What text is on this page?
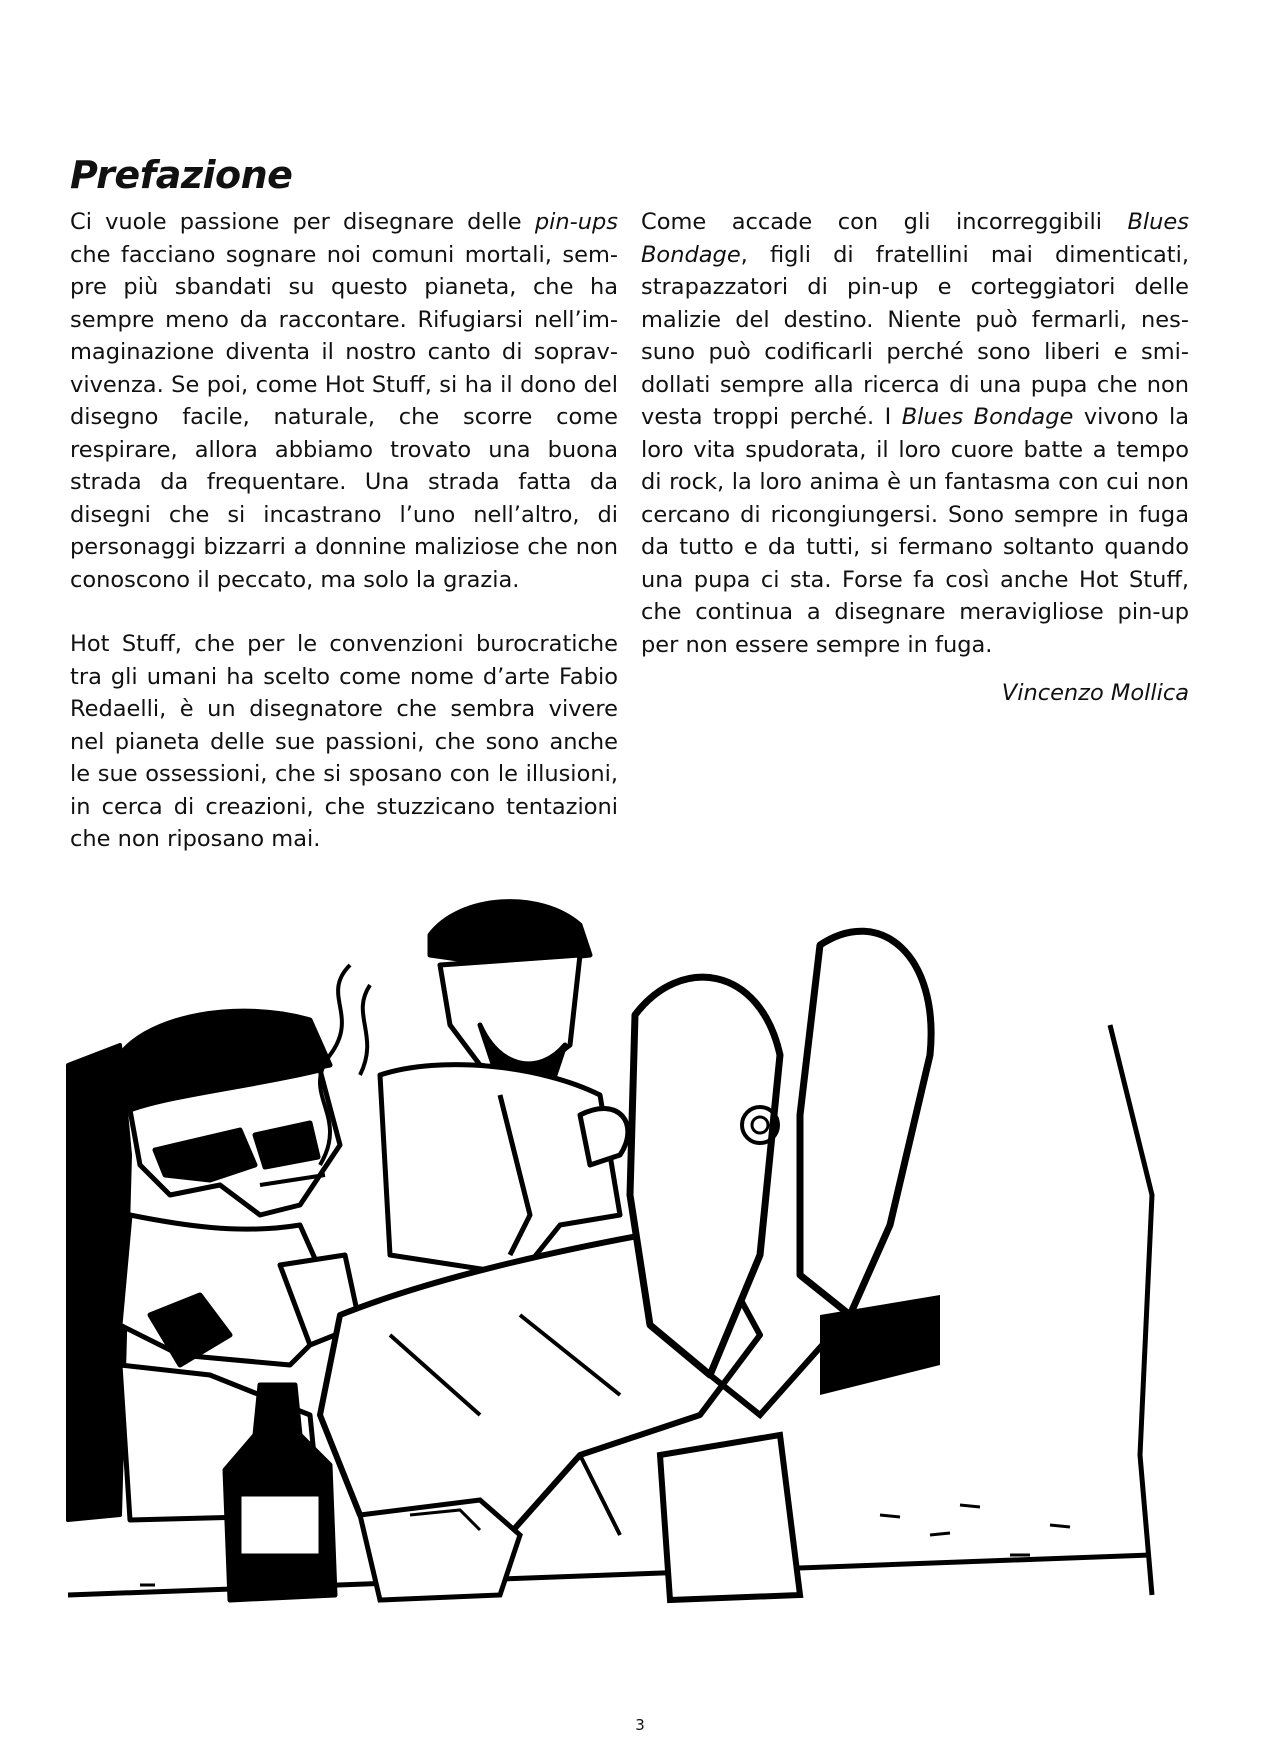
Prefazione

Ci vuole passione per disegnare delle pin-ups che facciano sognare noi comuni mortali, sempre più sbandati su questo pianeta, che ha sempre meno da raccontare. Rifugiarsi nell’immaginazione diventa il nostro canto di sopravvivenza. Se poi, come Hot Stuff, si ha il dono del disegno facile, naturale, che scorre come respirare, allora abbiamo trovato una buona strada da frequentare. Una strada fatta da disegni che si incastrano l’uno nell’altro, di personaggi bizzarri a donnine maliziose che non conoscono il peccato, ma solo la grazia.

Hot Stuff, che per le convenzioni burocratiche tra gli umani ha scelto come nome d’arte Fabio Redaelli, è un disegnatore che sembra vivere nel pianeta delle sue passioni, che sono anche le sue ossessioni, che si sposano con le illusioni, in cerca di creazioni, che stuzzicano tentazioni che non riposano mai.

Come accade con gli incorreggibili Blues Bondage, figli di fratellini mai dimenticati, strapazzatori di pin-up e corteggiatori delle malizie del destino. Niente può fermarli, nessuno può codificarli perché sono liberi e smidollati sempre alla ricerca di una pupa che non vesta troppi perché. I Blues Bondage vivono la loro vita spudorata, il loro cuore batte a tempo di rock, la loro anima è un fantasma con cui non cercano di ricongiungersi. Sono sempre in fuga da tutto e da tutti, si fermano soltanto quando una pupa ci sta. Forse fa così anche Hot Stuff, che continua a disegnare meravigliose pin-up per non essere sempre in fuga.

Vincenzo Mollica
3
